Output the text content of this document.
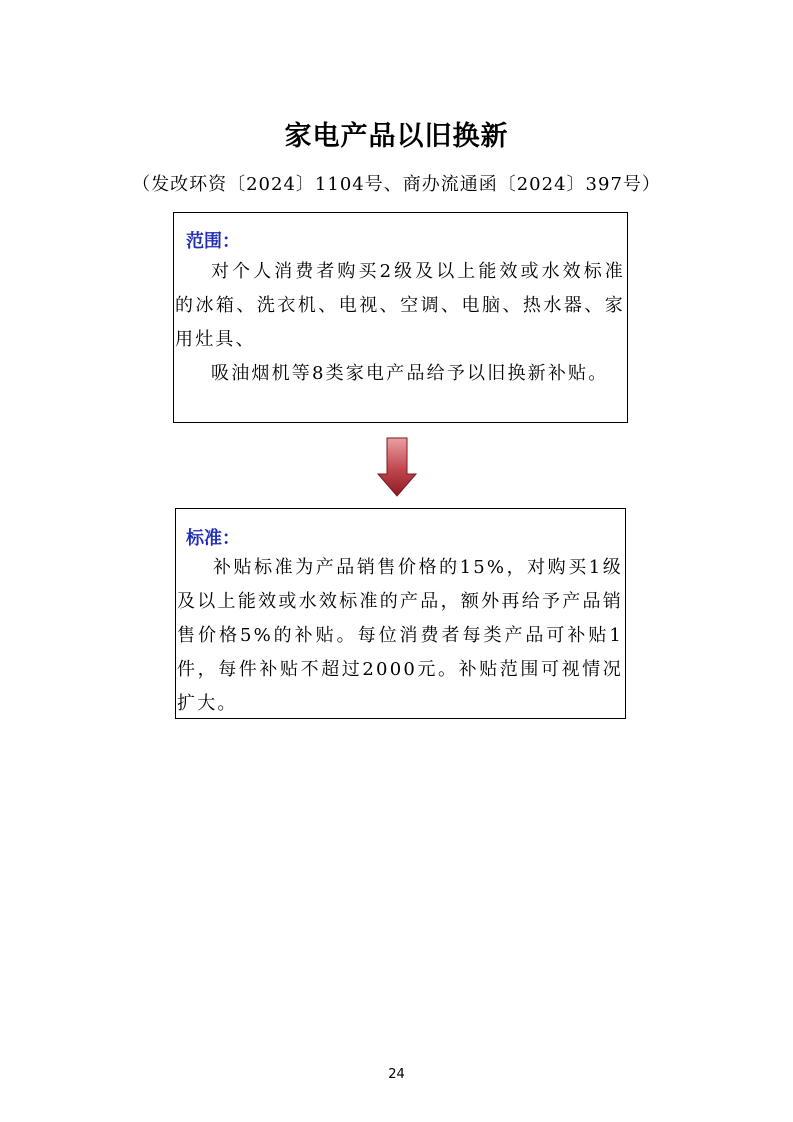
家电产品以旧换新

（发改环资〔2024〕1104号、商办流通函〔2024〕397号）

范围：

对个人消费者购买2级及以上能效或水效标准的冰箱、洗衣机、电视、空调、电脑、热水器、家用灶具、

吸油烟机等8类家电产品给予以旧换新补贴。

标准：

补贴标准为产品销售价格的15%，对购买1级及以上能效或水效标准的产品，额外再给予产品销售价格5%的补贴。每位消费者每类产品可补贴1件，每件补贴不超过2000元。补贴范围可视情况扩大。

24
